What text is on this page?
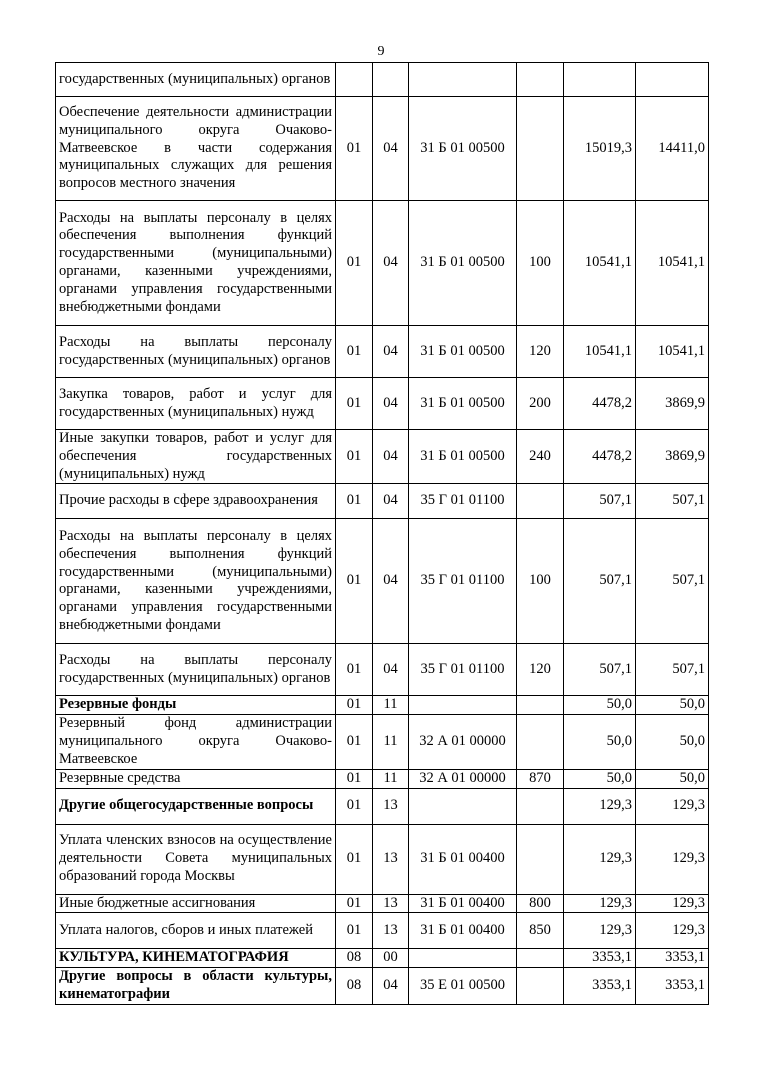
9
государственных (муниципальных) органов						
Обеспечение деятельности администрации муниципального округа Очаково-Матвеевское в части содержания муниципальных служащих для решения вопросов местного значения	01	04	31 Б 01 00500		15019,3	14411,0
Расходы на выплаты персоналу в целях обеспечения выполнения функций государственными (муниципальными) органами, казенными учреждениями, органами управления государственными внебюджетными фондами	01	04	31 Б 01 00500	100	10541,1	10541,1
Расходы на выплаты персоналу государственных (муниципальных) органов	01	04	31 Б 01 00500	120	10541,1	10541,1
Закупка товаров, работ и услуг для государственных (муниципальных) нужд	01	04	31 Б 01 00500	200	4478,2	3869,9
Иные закупки товаров, работ и услуг для обеспечения государственных (муниципальных) нужд	01	04	31 Б 01 00500	240	4478,2	3869,9
Прочие расходы в сфере здравоохранения	01	04	35 Г 01 01100		507,1	507,1
Расходы на выплаты персоналу в целях обеспечения выполнения функций государственными (муниципальными) органами, казенными учреждениями, органами управления государственными внебюджетными фондами	01	04	35 Г 01 01100	100	507,1	507,1
Расходы на выплаты персоналу государственных (муниципальных) органов	01	04	35 Г 01 01100	120	507,1	507,1
Резервные фонды	01	11			50,0	50,0
Резервный фонд администрации муниципального округа Очаково-Матвеевское	01	11	32 А 01 00000		50,0	50,0
Резервные средства	01	11	32 А 01 00000	870	50,0	50,0
Другие общегосударственные вопросы	01	13			129,3	129,3
Уплата членских взносов на осуществление деятельности Совета муниципальных образований города Москвы	01	13	31 Б 01 00400		129,3	129,3
Иные бюджетные ассигнования	01	13	31 Б 01 00400	800	129,3	129,3
Уплата налогов, сборов и иных платежей	01	13	31 Б 01 00400	850	129,3	129,3
КУЛЬТУРА, КИНЕМАТОГРАФИЯ	08	00			3353,1	3353,1
Другие вопросы в области культуры, кинематографии	08	04	35 Е 01 00500		3353,1	3353,1
